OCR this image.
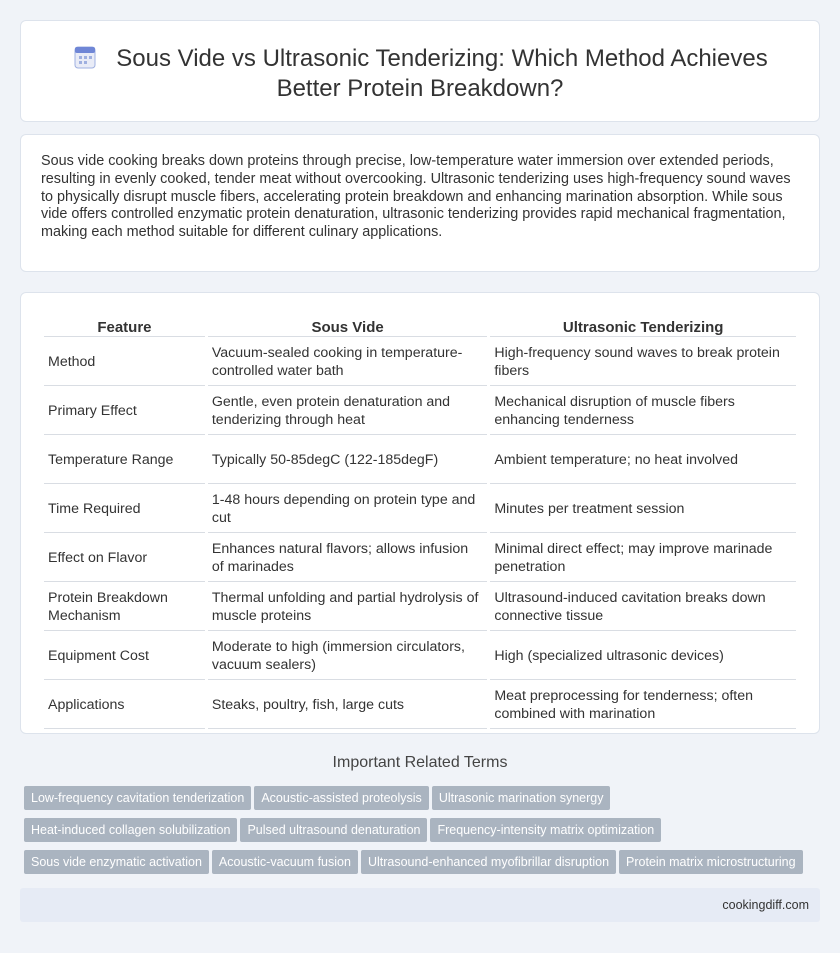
Sous Vide vs Ultrasonic Tenderizing: Which Method Achieves Better Protein Breakdown?

Sous vide cooking breaks down proteins through precise, low-temperature water immersion over extended periods, resulting in evenly cooked, tender meat without overcooking. Ultrasonic tenderizing uses high-frequency sound waves to physically disrupt muscle fibers, accelerating protein breakdown and enhancing marination absorption. While sous vide offers controlled enzymatic protein denaturation, ultrasonic tenderizing provides rapid mechanical fragmentation, making each method suitable for different culinary applications.

Feature	Sous Vide	Ultrasonic Tenderizing
Method	Vacuum-sealed cooking in temperature-controlled water bath	High-frequency sound waves to break protein fibers
Primary Effect	Gentle, even protein denaturation and tenderizing through heat	Mechanical disruption of muscle fibers enhancing tenderness
Temperature Range	Typically 50-85degC (122-185degF)	Ambient temperature; no heat involved
Time Required	1-48 hours depending on protein type and cut	Minutes per treatment session
Effect on Flavor	Enhances natural flavors; allows infusion of marinades	Minimal direct effect; may improve marinade penetration
Protein Breakdown Mechanism	Thermal unfolding and partial hydrolysis of muscle proteins	Ultrasound-induced cavitation breaks down connective tissue
Equipment Cost	Moderate to high (immersion circulators, vacuum sealers)	High (specialized ultrasonic devices)
Applications	Steaks, poultry, fish, large cuts	Meat preprocessing for tenderness; often combined with marination
Important Related Terms
Low-frequency cavitation tenderization Acoustic-assisted proteolysis Ultrasonic marination synergy
Heat-induced collagen solubilization Pulsed ultrasound denaturation Frequency-intensity matrix optimization
Sous vide enzymatic activation Acoustic-vacuum fusion Ultrasound-enhanced myofibrillar disruption Protein matrix microstructuring
cookingdiff.com
